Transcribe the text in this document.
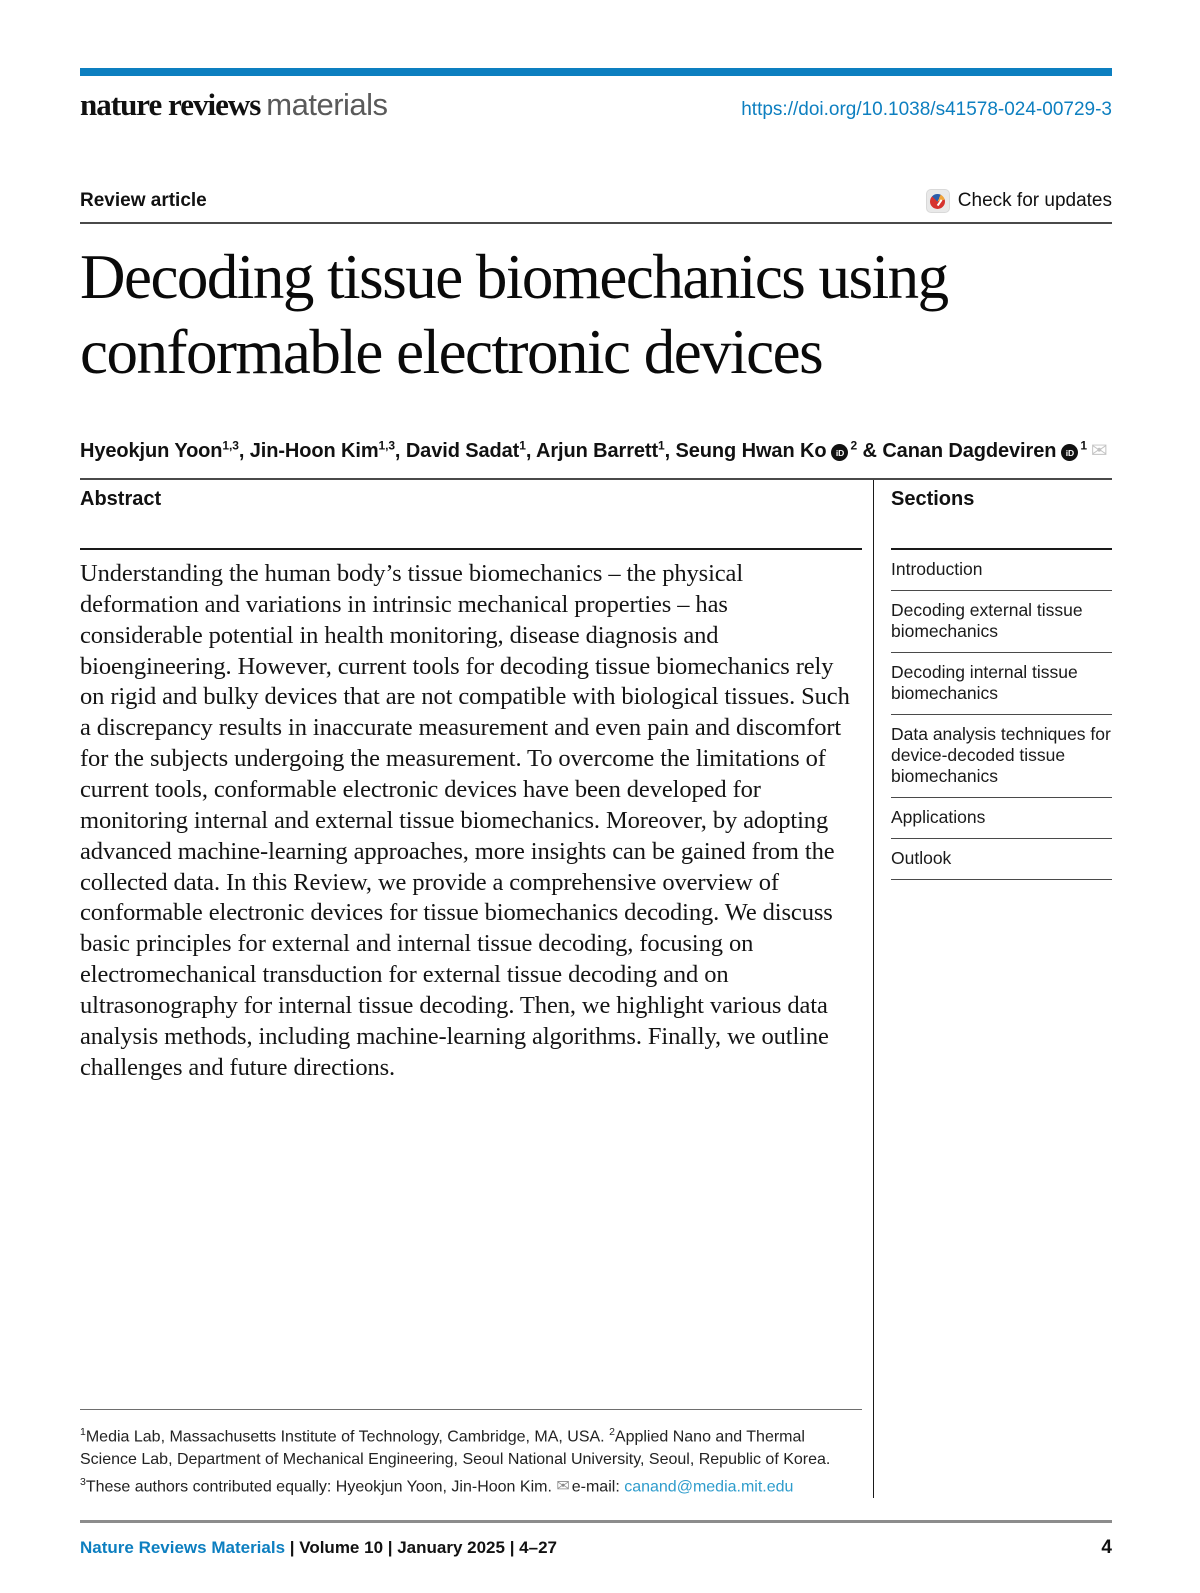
nature reviews materials	https://doi.org/10.1038/s41578-024-00729-3
Review article	Check for updates
Decoding tissue biomechanics using conformable electronic devices
Hyeokjun Yoon$^{1,3}$, Jin-Hoon Kim$^{1,3}$, David Sadat$^1$, Arjun Barrett$^1$, Seung Hwan Ko $iD^2$ & Canan Dagdeviren $iD^1$ ✉
Abstract

Understanding the human body’s tissue biomechanics – the physical deformation and variations in intrinsic mechanical properties – has considerable potential in health monitoring, disease diagnosis and bioengineering. However, current tools for decoding tissue biomechanics rely on rigid and bulky devices that are not compatible with biological tissues. Such a discrepancy results in inaccurate measurement and even pain and discomfort for the subjects undergoing the measurement. To overcome the limitations of current tools, conformable electronic devices have been developed for monitoring internal and external tissue biomechanics. Moreover, by adopting advanced machine-learning approaches, more insights can be gained from the collected data. In this Review, we provide a comprehensive overview of conformable electronic devices for tissue biomechanics decoding. We discuss basic principles for external and internal tissue decoding, focusing on electromechanical transduction for external tissue decoding and on ultrasonography for internal tissue decoding. Then, we highlight various data analysis methods, including machine-learning algorithms. Finally, we outline challenges and future directions.

$^1$Media Lab, Massachusetts Institute of Technology, Cambridge, MA, USA. $^2$Applied Nano and Thermal Science Lab, Department of Mechanical Engineering, Seoul National University, Seoul, Republic of Korea. $^3$These authors contributed equally: Hyeokjun Yoon, Jin-Hoon Kim. ✉ e-mail: canand@media.mit.edu
Sections
Introduction
Decoding external tissue biomechanics
Decoding internal tissue biomechanics
Data analysis techniques for device-decoded tissue biomechanics
Applications
Outlook
Nature Reviews Materials | Volume 10 | January 2025 | 4–27	4
